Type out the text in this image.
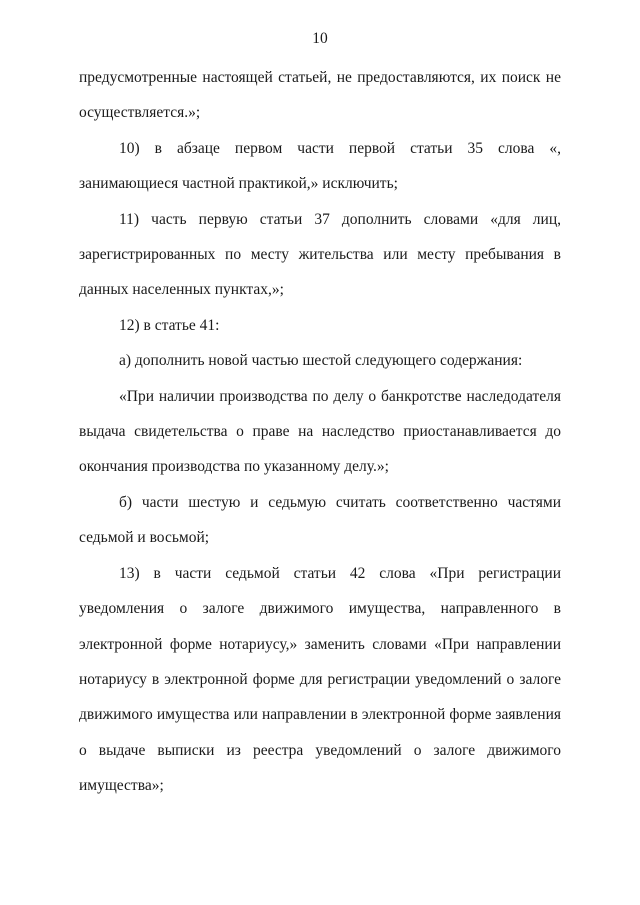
10

предусмотренные настоящей статьей, не предоставляются, их поиск не осуществляется.»;

10) в абзаце первом части первой статьи 35 слова «, занимающиеся частной практикой,» исключить;

11) часть первую статьи 37 дополнить словами «для лиц, зарегистрированных по месту жительства или месту пребывания в данных населенных пунктах,»;

12) в статье 41:

а) дополнить новой частью шестой следующего содержания:

«При наличии производства по делу о банкротстве наследодателя выдача свидетельства о праве на наследство приостанавливается до окончания производства по указанному делу.»;

б) части шестую и седьмую считать соответственно частями седьмой и восьмой;

13) в части седьмой статьи 42 слова «При регистрации уведомления о залоге движимого имущества, направленного в электронной форме нотариусу,» заменить словами «При направлении нотариусу в электронной форме для регистрации уведомлений о залоге движимого имущества или направлении в электронной форме заявления о выдаче выписки из реестра уведомлений о залоге движимого имущества»;
